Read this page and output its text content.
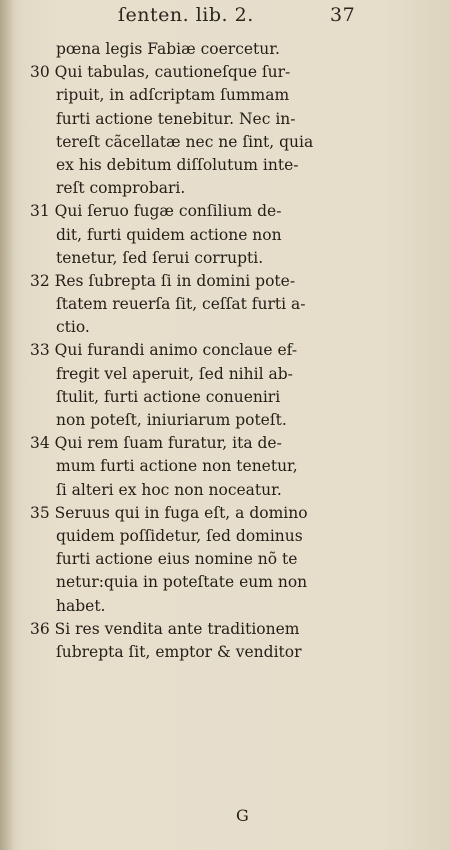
ſenten. lib. 2.	37
pœna legis Fabiæ coercetur.
30 Qui tabulas, cautioneſque ſur-
ripuit, in adſcriptam ſummam
furti actione tenebitur. Nec in-
tereſt cãcellatæ nec ne ſint, quia
ex his debitum diſſolutum inte-
reſt comprobari.
31 Qui ſeruo fugæ conſilium de-
dit, furti quidem actione non
tenetur, ſed ſerui corrupti.
32 Res ſubrepta ſi in domini pote-
ſtatem reuerſa ſit, ceſſat furti a-
ctio.
33 Qui furandi animo conclaue ef-
fregit vel aperuit, ſed nihil ab-
ſtulit, furti actione conueniri
non poteſt, iniuriarum poteſt.
34 Qui rem ſuam furatur, ita de-
mum furti actione non tenetur,
ſi alteri ex hoc non noceatur.
35 Seruus qui in fuga eſt, a domino
quidem poſſidetur, ſed dominus
furti actione eius nomine nõ te
netur:quia in poteſtate eum non
habet.
36 Si res vendita ante traditionem
ſubrepta ſit, emptor & venditor
G
